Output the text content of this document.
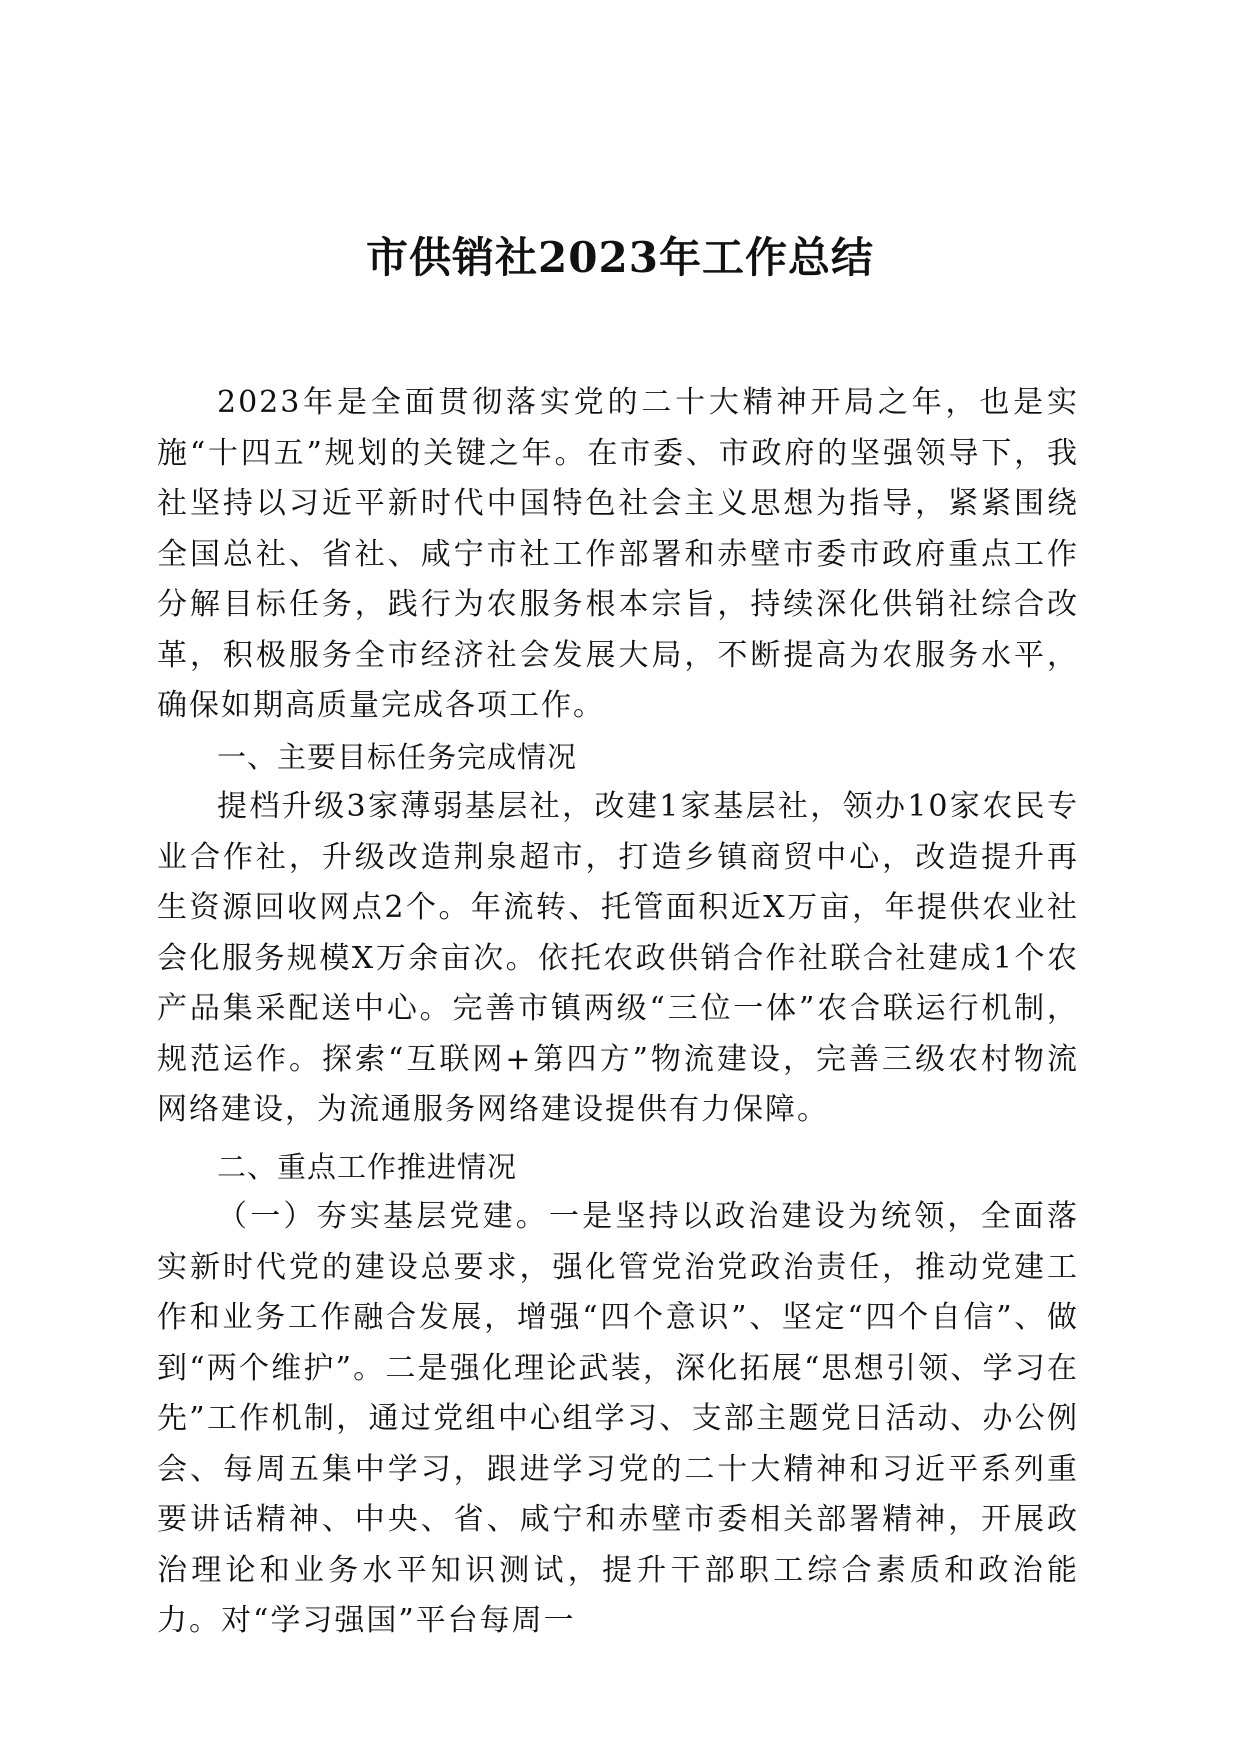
市供销社2023年工作总结

2023年是全面贯彻落实党的二十大精神开局之年，也是实施“十四五”规划的关键之年。在市委、市政府的坚强领导下，我社坚持以习近平新时代中国特色社会主义思想为指导，紧紧围绕全国总社、省社、咸宁市社工作部署和赤壁市委市政府重点工作分解目标任务，践行为农服务根本宗旨，持续深化供销社综合改革，积极服务全市经济社会发展大局，不断提高为农服务水平，确保如期高质量完成各项工作。

一、主要目标任务完成情况

提档升级3家薄弱基层社，改建1家基层社，领办10家农民专业合作社，升级改造荆泉超市，打造乡镇商贸中心，改造提升再生资源回收网点2个。年流转、托管面积近X万亩，年提供农业社会化服务规模X万余亩次。依托农政供销合作社联合社建成1个农产品集采配送中心。完善市镇两级“三位一体”农合联运行机制，规范运作。探索“互联网+第四方”物流建设，完善三级农村物流网络建设，为流通服务网络建设提供有力保障。

二、重点工作推进情况

（一）夯实基层党建。一是坚持以政治建设为统领，全面落实新时代党的建设总要求，强化管党治党政治责任，推动党建工作和业务工作融合发展，增强“四个意识”、坚定“四个自信”、做到“两个维护”。二是强化理论武装，深化拓展“思想引领、学习在先”工作机制，通过党组中心组学习、支部主题党日活动、办公例会、每周五集中学习，跟进学习党的二十大精神和习近平系列重要讲话精神、中央、省、咸宁和赤壁市委相关部署精神，开展政治理论和业务水平知识测试，提升干部职工综合素质和政治能力。对“学习强国”平台每周一
